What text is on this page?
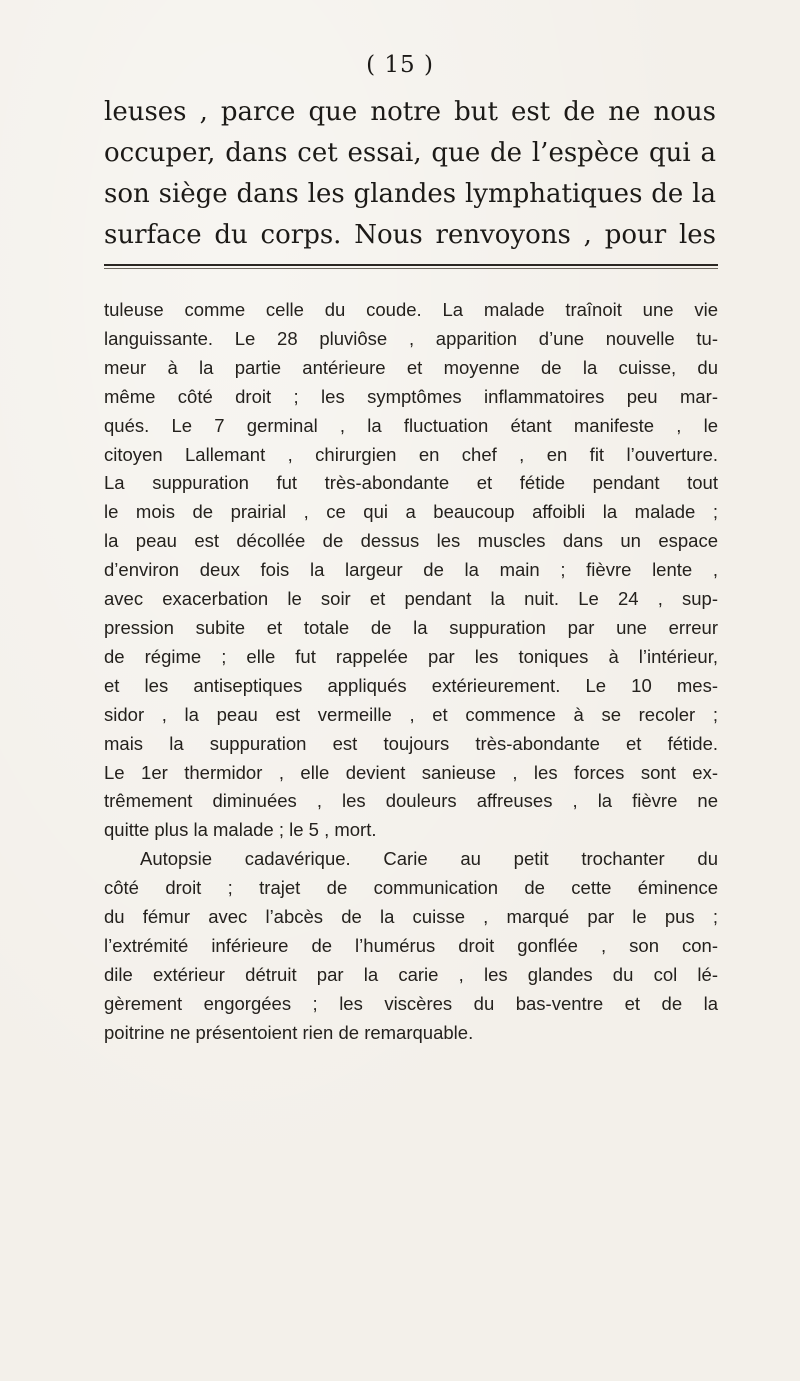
( 15 )
leuses , parce que notre but est de ne nous
occuper, dans cet essai, que de l’espèce qui a
son siège dans les glandes lymphatiques de la
surface du corps. Nous renvoyons , pour les
tuleuse comme celle du coude. La malade traînoit une vie
languissante. Le 28 pluviôse , apparition d’une nouvelle tu-
meur à la partie antérieure et moyenne de la cuisse, du
même côté droit ; les symptômes inflammatoires peu mar-
qués. Le 7 germinal , la fluctuation étant manifeste , le
citoyen Lallemant , chirurgien en chef , en fit l’ouverture.
La suppuration fut très-abondante et fétide pendant tout
le mois de prairial , ce qui a beaucoup affoibli la malade ;
la peau est décollée de dessus les muscles dans un espace
d’environ deux fois la largeur de la main ; fièvre lente ,
avec exacerbation le soir et pendant la nuit. Le 24 , sup-
pression subite et totale de la suppuration par une erreur
de régime ; elle fut rappelée par les toniques à l’intérieur,
et les antiseptiques appliqués extérieurement. Le 10 mes-
sidor , la peau est vermeille , et commence à se recoler ;
mais la suppuration est toujours très-abondante et fétide.
Le 1er thermidor , elle devient sanieuse , les forces sont ex-
trêmement diminuées , les douleurs affreuses , la fièvre ne
quitte plus la malade ; le 5 , mort.
Autopsie cadavérique. Carie au petit trochanter du
côté droit ; trajet de communication de cette éminence
du fémur avec l’abcès de la cuisse , marqué par le pus ;
l’extrémité inférieure de l’humérus droit gonflée , son con-
dile extérieur détruit par la carie , les glandes du col lé-
gèrement engorgées ; les viscères du bas-ventre et de la
poitrine ne présentoient rien de remarquable.
